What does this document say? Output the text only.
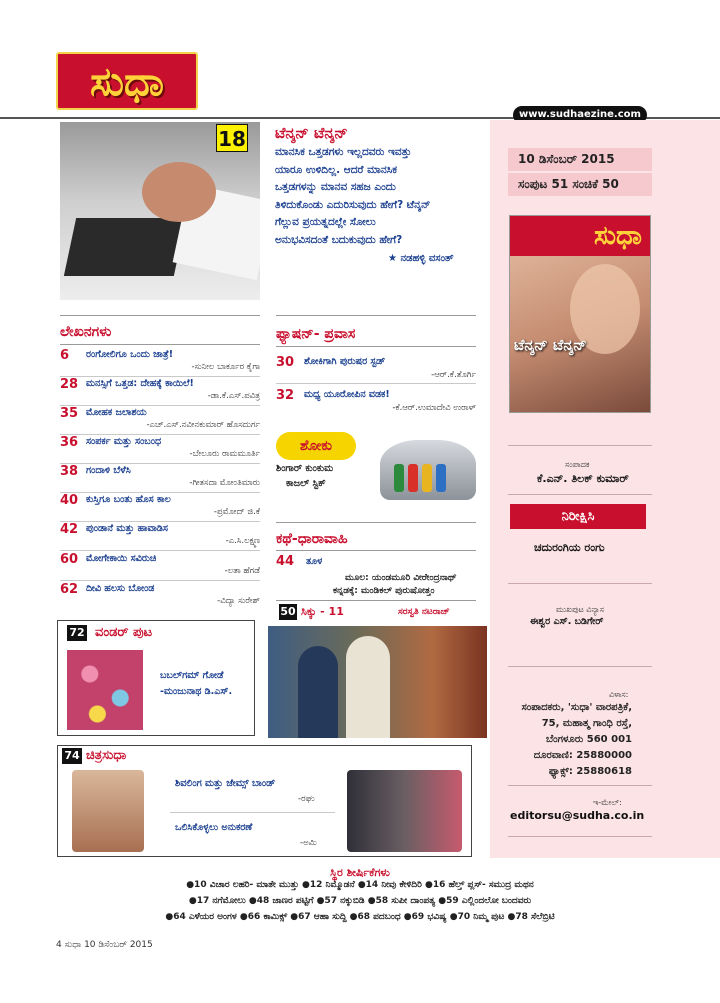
ಸುಧಾ
www.sudhaezine.com
10 ಡಿಸೆಂಬರ್ 2015
ಸಂಪುಟ 51 ಸಂಚಿಕೆ 50
ಸುಧಾ
ಟೆನ್ಶನ್ ಟೆನ್ಶನ್
ಸಂಪಾದಕ
ಕೆ.ಎನ್. ತಿಲಕ್ ಕುಮಾರ್
ನಿರೀಕ್ಷಿಸಿ
ಚದುರಂಗಿಯ ರಂಗು
ಮುಖಪುಟ ವಿನ್ಯಾಸ
ಈಶ್ವರ ಎಸ್. ಬಡಿಗೇರ್
ವಿಳಾಸ:
ಸಂಪಾದಕರು, 'ಸುಧಾ' ವಾರಪತ್ರಿಕೆ,
75, ಮಹಾತ್ಮ ಗಾಂಧಿ ರಸ್ತೆ,
ಬೆಂಗಳೂರು 560 001
ದೂರವಾಣಿ: 25880000
ಫ್ಯಾಕ್ಸ್: 25880618
ಇ-ಮೇಲ್:
editorsu@sudha.co.in
18 ಟೆನ್ಶನ್ ಟೆನ್ಶನ್
ಮಾನಸಿಕ ಒತ್ತಡಗಳು ಇಲ್ಲದವರು ಇವತ್ತು
ಯಾರೂ ಉಳಿದಿಲ್ಲ. ಆದರೆ ಮಾನಸಿಕ
ಒತ್ತಡಗಳನ್ನು ಮಾನವ ಸಹಜ ಎಂದು
ತಿಳಿದುಕೊಂಡು ಎದುರಿಸುವುದು ಹೇಗೆ? ಟೆನ್ಶನ್
ಗೆಲ್ಲುವ ಪ್ರಯತ್ನದಲ್ಲೇ ಸೋಲು
ಅನುಭವಿಸದಂತೆ ಬದುಕುವುದು ಹೇಗೆ?
★ ನಡಹಳ್ಳಿ ವಸಂತ್
ಲೇಖನಗಳು
6 ರಂಗೋಲಿಗೂ ಒಂದು ಜಾತ್ರೆ!
-ಸುನೀಲ ಬಾರ್ಕೂರ ಕೈಗಾ
28 ಮನಸ್ಸಿಗೆ ಒತ್ತಡ: ದೇಹಕ್ಕೆ ಕಾಯಿಲೆ!
-ಡಾ.ಕೆ.ಎಸ್.ಪವಿತ್ರ
35 ಮೋಹಕ ಜಲಾಶಯ
-ಎಚ್.ಎಸ್.ನವೀನಕುಮಾರ್ ಹೊಸದುರ್ಗ
36 ಸಂಪರ್ಕ ಮತ್ತು ಸಂಬಂಧ
-ಬೇಲೂರು ರಾಮಮೂರ್ತಿ
38 ಗಂದಾಳಿ ಬೆಳೆಸಿ
-ಗೀತಸದಾ ಮೋಂತಿಮಾರು
40 ಕುಸ್ತಿಗೂ ಬಂತು ಹೊಸ ಕಾಲ
-ಪ್ರಮೋದ್ ಜಿ.ಕೆ
42 ಪುಂಡಾನೆ ಮತ್ತು ಹಾವಾಡಿಸ
-ಎ.ಸಿ.ಲಕ್ಷ್ಮಣ
60 ಮೋಗೇಕಾಯಿ ಸವಿರುಚಿ
-ಲತಾ ಹೆಗಡೆ
62 ದೀವಿ ಹಲಸು ಬೋಂಡ
-ವಿದ್ಯಾ ಸುರೇಶ್
ಫ್ಯಾಷನ್- ಪ್ರವಾಸ
30 ಶೋಕಿಗಾಗಿ ಪುರುಷರ ಸ್ಟಡ್
-ಆರ್.ಕೆ.ತೊರ್ಗಿ
32 ಮಧ್ಯ ಯೂರೋಪಿನ ವಡಕ!
-ಕೆ.ಆರ್.ಉಮಾದೇವಿ ಉರಾಳ್
ಶೋಕು
ಶಿಂಗಾರ್ ಕುಂಕುಮ
ಕಾಜಲ್ ಸ್ಟಿಕ್
ಕಥೆ-ಧಾರಾವಾಹಿ
44 ತೂಳ
ಮೂಲ: ಯಂಡಮೂರಿ ವೀರೇಂದ್ರನಾಥ್
ಕನ್ನಡಕ್ಕೆ: ಮಂಡಿಕಲ್ ಪುರುಷೋತ್ತಂ
50 ಸಿಕ್ಕು - 11	ಸರಸ್ವತಿ ನಟರಾಜ್
72 ವಂಡರ್ ಪುಟ
ಬಬಲ್‌ಗಮ್ ಗೋಡೆ
-ಮಂಜುನಾಥ ಡಿ.ಎಸ್.
74 ಚಿತ್ರಸುಧಾ
ಶಿವಲಿಂಗ ಮತ್ತು ಜೇಮ್ಸ್ ಬಾಂಡ್
-ರಘು
ಒಲಿಸಿಕೊಳ್ಳಲು ಅನುಕರಣೆ
-ಅಮಿ
ಸ್ಥಿರ ಶೀರ್ಷಿಕೆಗಳು
●10 ವಿಚಾರ ಲಹರಿ- ಮಾತೇ ಮುತ್ತು ●12 ನಿಮ್ಮೊಡನೆ ●14 ನೀವು ಕೇಳಿದಿರಿ ●16 ಹೆಲ್ತ್ ಪ್ಲಸ್- ಸಮುದ್ರ ಮಥನ
●17 ನಗೆಮೋಲು ●48 ಜಾಣರ ಪಟ್ಟಿಗೆ ●57 ನಕ್ಕುಬಿಡಿ ●58 ಸುಪೀ ದಾಂಪತ್ಯ ●59 ಎಲ್ಲಿಂದಲೋ ಬಂದವರು
●64 ಎಳೆಯರ ಅಂಗಳ ●66 ಕಾಮಿಕ್ಸ್ ●67 ಆಹಾ ಸುದ್ದಿ ●68 ಪದಬಂಧ ●69 ಭವಿಷ್ಯ ●70 ನಿಮ್ಮ ಪುಟ ●78 ಸೆಲೆಬ್ರಿಟಿ
4 ಸುಧಾ 10 ಡಿಸೆಂಬರ್ 2015
